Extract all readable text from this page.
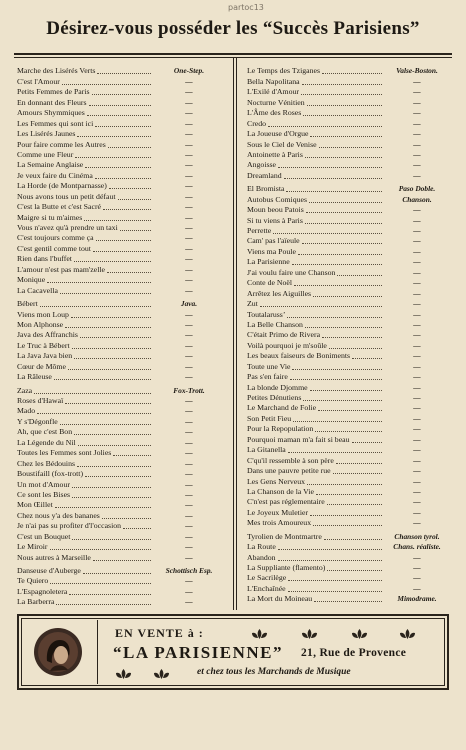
partoc13
Désirez-vous posséder les “Succès Parisiens”
Marche des Lisérés Verts	One-Step.
C'est l'Amour	—
Petits Femmes de Paris	—
En donnant des Fleurs	—
Amours Shymmiques	—
Les Femmes qui sont ici	—
Les Lisérés Jaunes	—
Pour faire comme les Autres	—
Comme une Fleur	—
La Semaine Anglaise	—
Je veux faire du Cinéma	—
La Horde (de Montparnasse)	—
Nous avons tous un petit défaut	—
C'est la Butte et c'est Sacré	—
Maigre si tu m'aimes	—
Vous n'avez qu'à prendre un taxi	—
C'est toujours comme ça	—
C'est gentil comme tout	—
Rien dans l'buffet	—
L'amour n'est pas mam'zelle	—
Monique	—
La Cacavella	—
Bébert	Java.
Viens mon Loup	—
Mon Alphonse	—
Java des Affranchis	—
Le Truc à Bébert	—
La Java Java bien	—
Cœur de Môme	—
La Râleuse	—
Zaza	Fox-Trott.
Roses d'Hawaï	—
Mado	—
Y s'Dégonfle	—
Ah, que c'est Bon	—
La Légende du Nil	—
Toutes les Femmes sont Jolies	—
Chez les Bédouins	—
Boustifaill (fox-trott)	—
Un mot d'Amour	—
Ce sont les Bises	—
Mon Œillet	—
Chez nous y'a des bananes	—
Je n'ai pas su profiter d'l'occasion	—
C'est un Bouquet	—
Le Miroir	—
Nous autres à Marseille	—
Danseuse d'Auberge	Schottisch Esp.
Te Quiero	—
L'Espagnoletera	—
La Barberra	—
Le Temps des Tziganes	Valse-Boston.
Bella Napolitana	—
L'Exilé d'Amour	—
Nocturne Vénitien	—
L'Âme des Roses	—
Credo	—
La Joueuse d'Orgue	—
Sous le Ciel de Venise	—
Antoinette à Paris	—
Angoisse	—
Dreamland	—
El Bromista	Paso Doble.
Autobus Comiques	Chanson.
Moun beou Patois	—
Si tu viens à Paris	—
Perrette	—
Cam' pas l'aïeule	—
Viens ma Poule	—
La Parisienne	—
J'ai voulu faire une Chanson	—
Conte de Noël	—
Arrêtez les Aiguilles	—
Zut	—
Toutalarussʼ	—
La Belle Chanson	—
C'était Primo de Rivera	—
Voilà pourquoi je m'soûle	—
Les beaux faiseurs de Boniments	—
Toute une Vie	—
Pas s'en faire	—
La blonde Djomme	—
Petites Dénutiens	—
Le Marchand de Folie	—
Son Petit Fieu	—
Pour la Repopulation	—
Pourquoi maman m'a fait si beau	—
La Gitanella	—
C'qu'il ressemble à son père	—
Dans une pauvre petite rue	—
Les Gens Nerveux	—
La Chanson de la Vie	—
C'n'est pas réglementaire	—
Le Joyeux Muletier	—
Mes trois Amoureux	—
Tyrolien de Montmartre	Chanson tyrol.
La Route	Chans. réaliste.
Abandon	—
La Suppliante (flamento)	—
Le Sacrilège	—
L'Enchaînée	—
La Mort du Moineau	Mimodrame.
EN VENTE à :
“LA PARISIENNE” 21, Rue de Provence
et chez tous les Marchands de Musique
